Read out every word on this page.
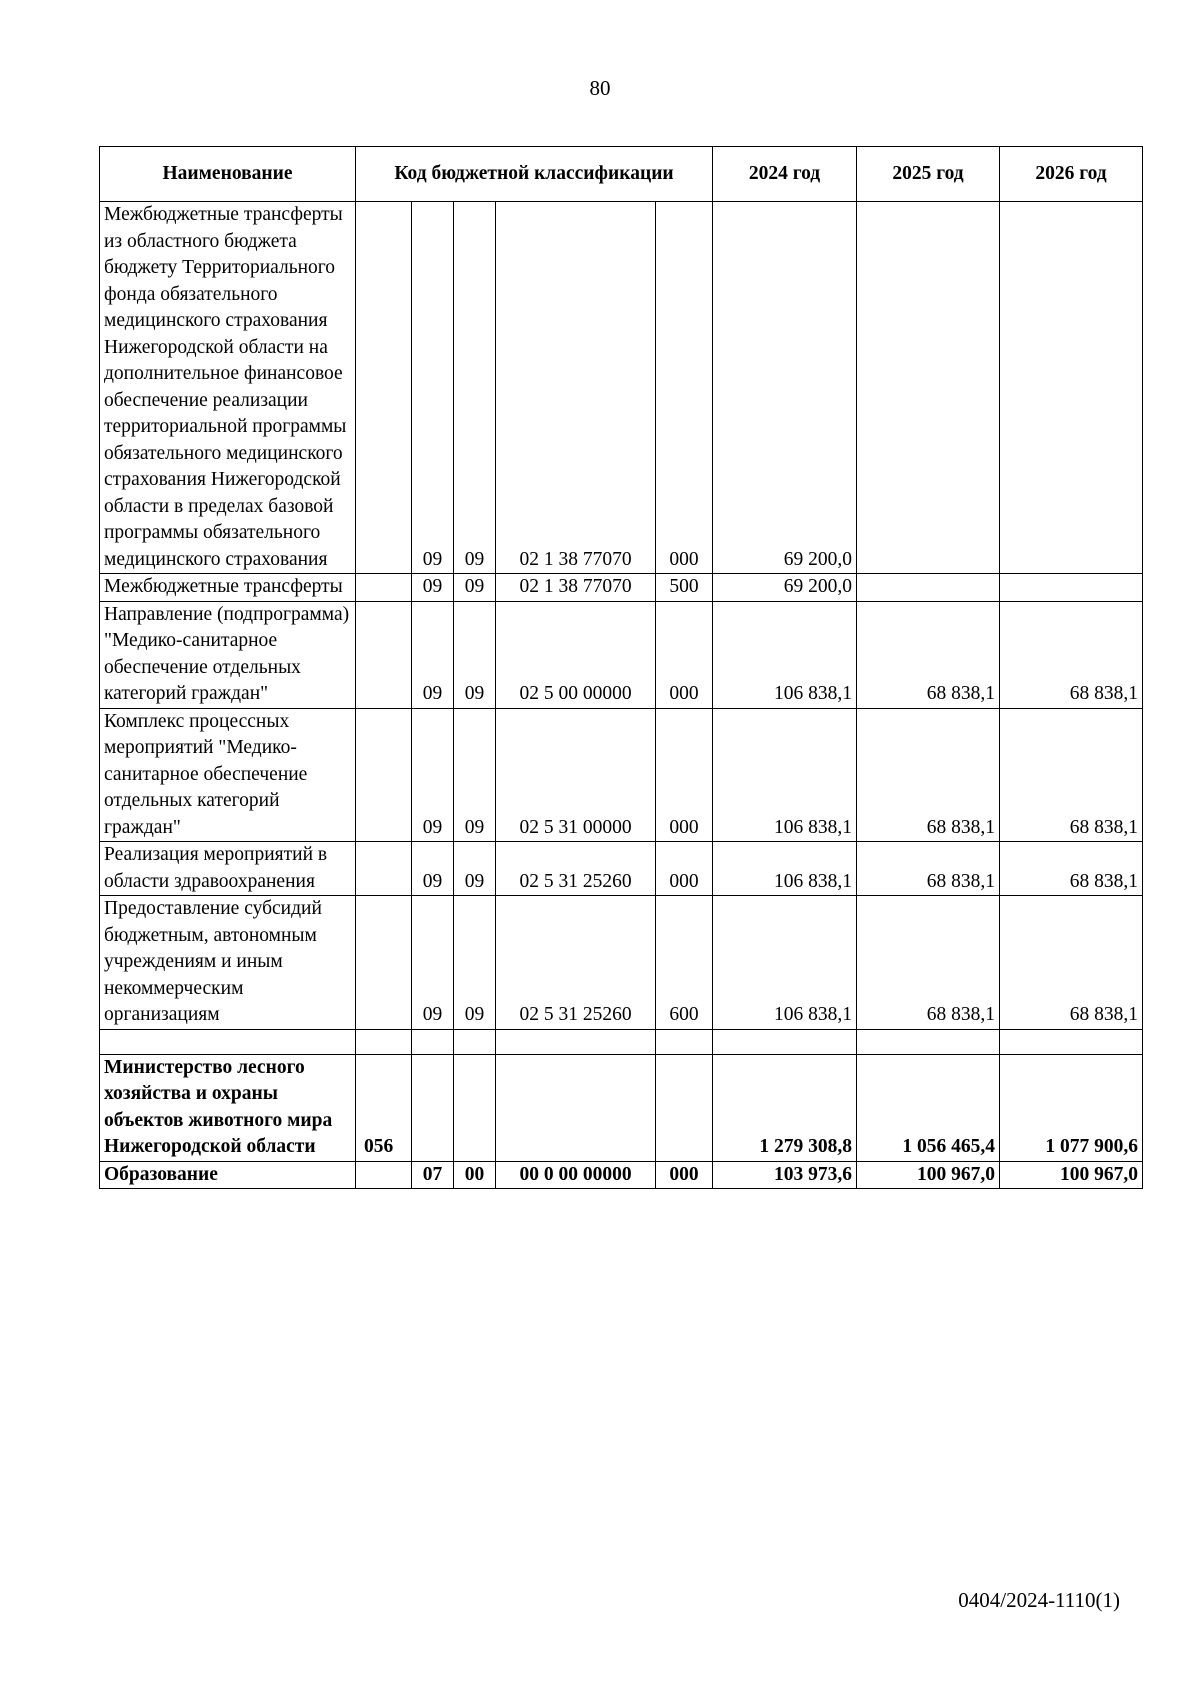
80
Наименование	Код бюджетной классификации					2024 год	2025 год	2026 год
Межбюджетные трансферты из областного бюджета бюджету Территориального фонда обязательного медицинского страхования Нижегородской области на дополнительное финансовое обеспечение реализации территориальной программы обязательного медицинского страхования Нижегородской области в пределах базовой программы обязательного медицинского страхования		09	09	02 1 38 77070	000	69 200,0		
Межбюджетные трансферты		09	09	02 1 38 77070	500	69 200,0		
Направление (подпрограмма) "Медико-санитарное обеспечение отдельных категорий граждан"		09	09	02 5 00 00000	000	106 838,1	68 838,1	68 838,1
Комплекс процессных мероприятий "Медико-санитарное обеспечение отдельных категорий граждан"		09	09	02 5 31 00000	000	106 838,1	68 838,1	68 838,1
Реализация мероприятий в области здравоохранения		09	09	02 5 31 25260	000	106 838,1	68 838,1	68 838,1
Предоставление субсидий бюджетным, автономным учреждениям и иным некоммерческим организациям		09	09	02 5 31 25260	600	106 838,1	68 838,1	68 838,1

Министерство лесного хозяйства и охраны объектов животного мира Нижегородской области	056					1 279 308,8	1 056 465,4	1 077 900,6
Образование		07	00	00 0 00 00000	000	103 973,6	100 967,0	100 967,0
0404/2024-1110(1)
